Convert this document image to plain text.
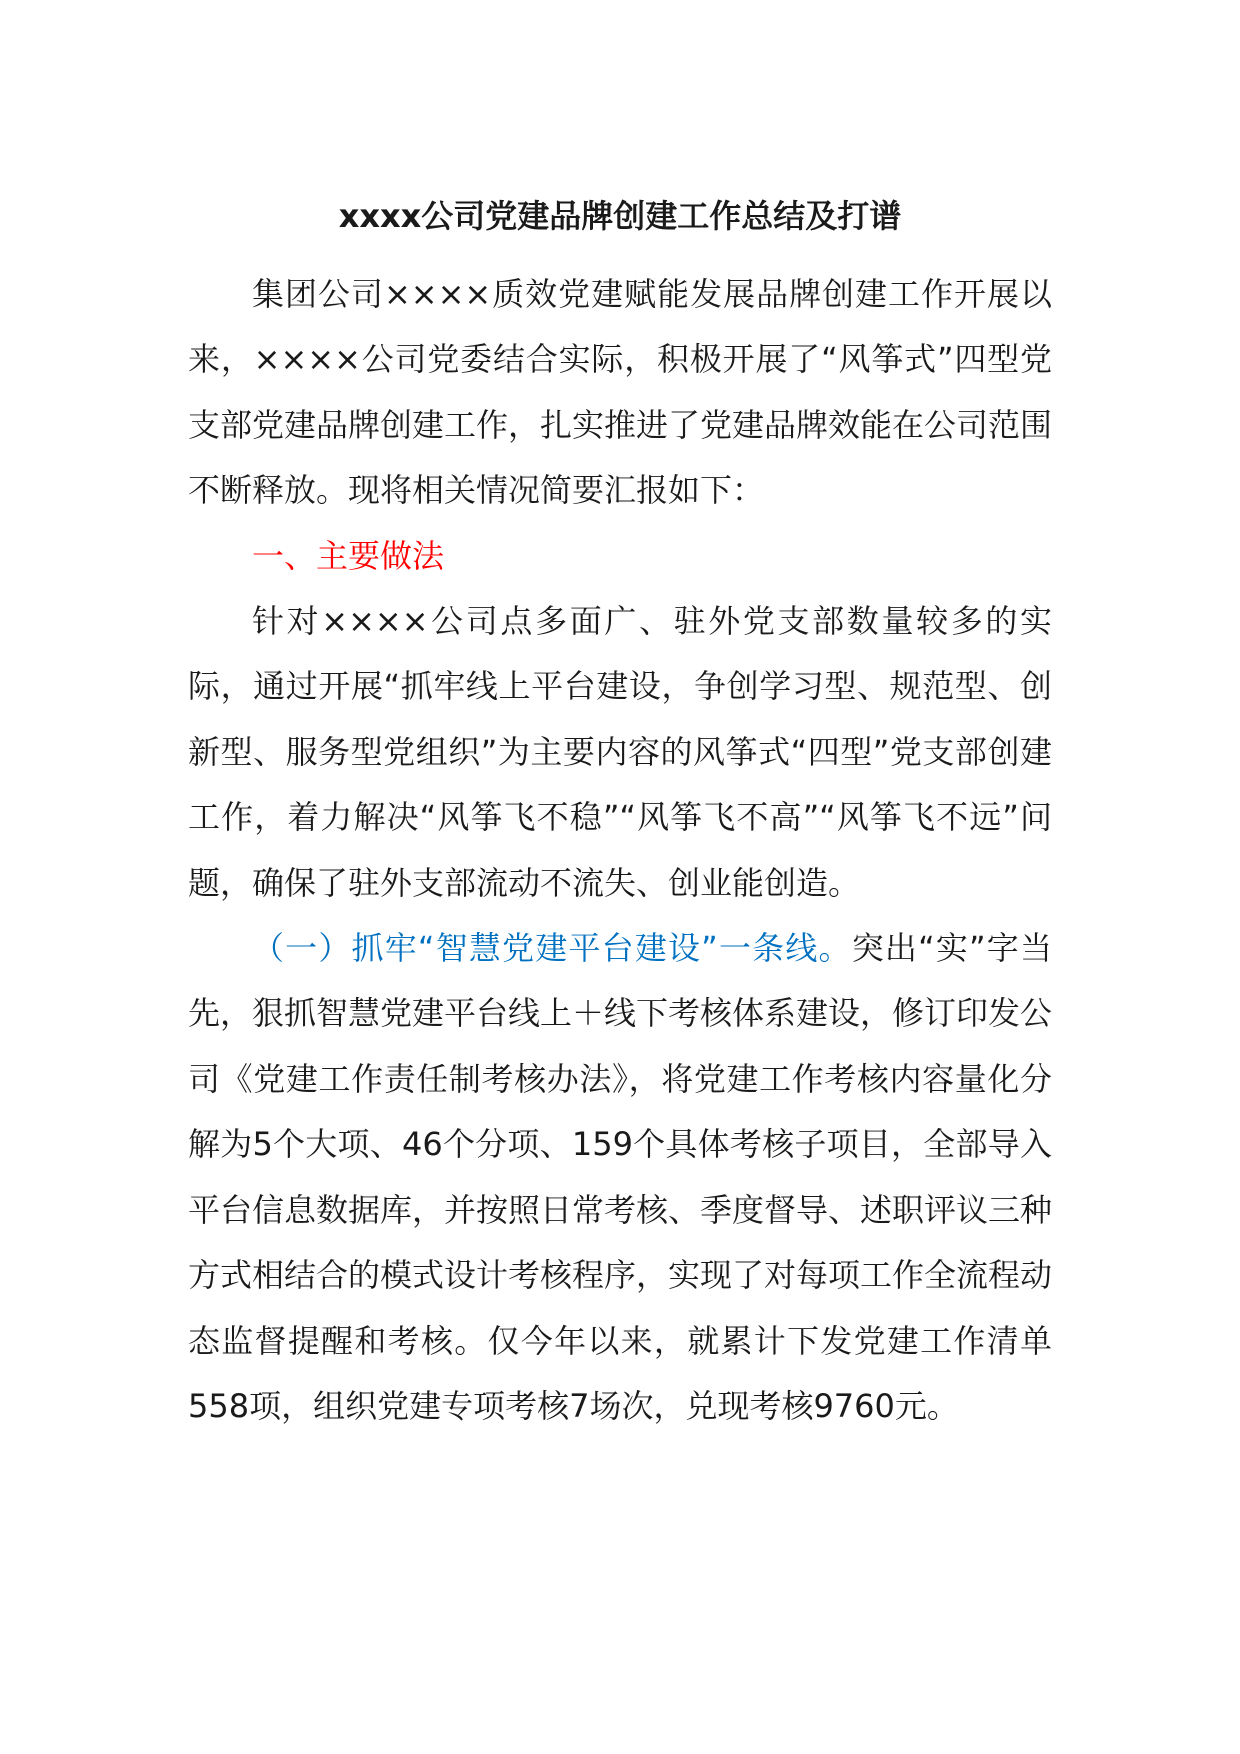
xxxx公司党建品牌创建工作总结及打谱

集团公司××××质效党建赋能发展品牌创建工作开展以来，××××公司党委结合实际，积极开展了“风筝式”四型党支部党建品牌创建工作，扎实推进了党建品牌效能在公司范围不断释放。现将相关情况简要汇报如下：

一、主要做法

针对××××公司点多面广、驻外党支部数量较多的实际，通过开展“抓牢线上平台建设，争创学习型、规范型、创新型、服务型党组织”为主要内容的风筝式“四型”党支部创建工作，着力解决“风筝飞不稳”“风筝飞不高”“风筝飞不远”问题，确保了驻外支部流动不流失、创业能创造。

（一）抓牢“智慧党建平台建设”一条线。突出“实”字当先，狠抓智慧党建平台线上＋线下考核体系建设，修订印发公司《党建工作责任制考核办法》，将党建工作考核内容量化分解为5个大项、46个分项、159个具体考核子项目，全部导入平台信息数据库，并按照日常考核、季度督导、述职评议三种方式相结合的模式设计考核程序，实现了对每项工作全流程动态监督提醒和考核。仅今年以来，就累计下发党建工作清单558项，组织党建专项考核7场次，兑现考核9760元。
